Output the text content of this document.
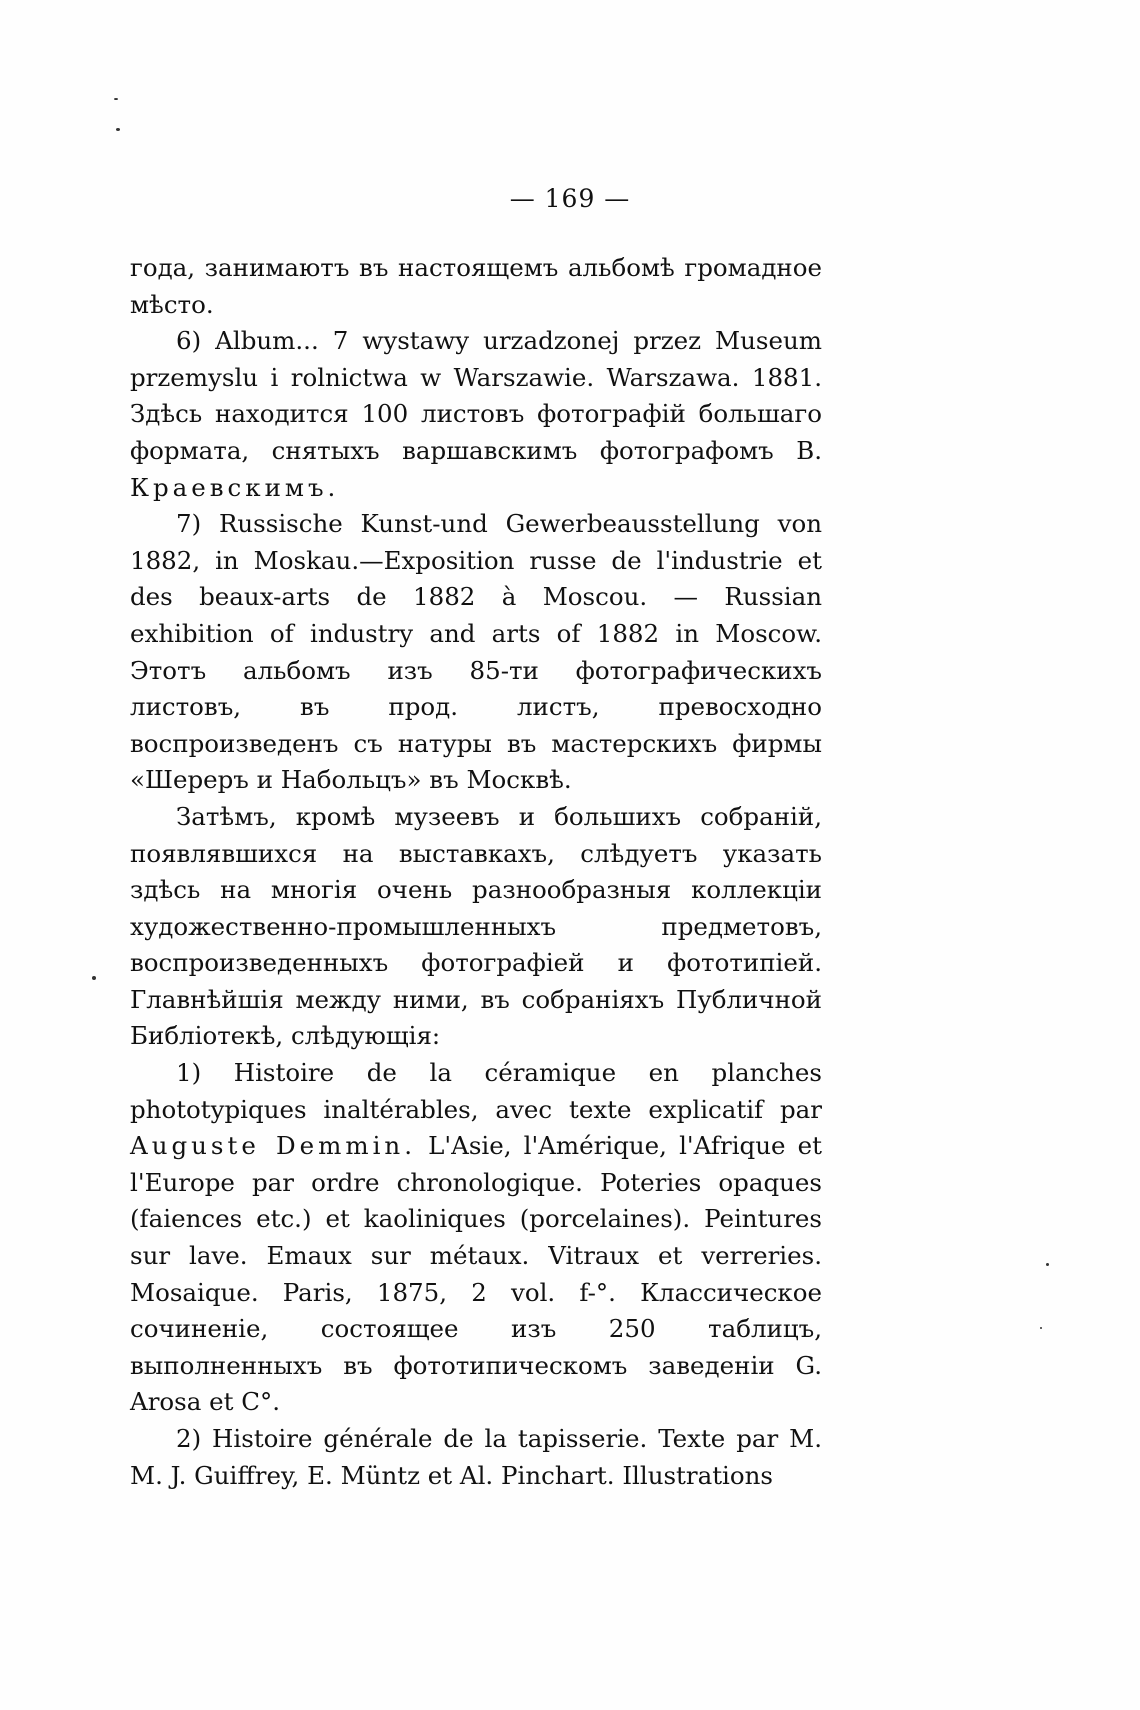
— 169 —

года, занимаютъ въ настоящемъ альбомѣ громадное мѣсто.

6) Album... 7 wystawy urzadzonej przez Museum przemyslu i rolnictwa w Warszawie. Warszawa. 1881. Здѣсь находится 100 листовъ фотографій большаго формата, снятыхъ варшавскимъ фотографомъ В. Краевскимъ.

7) Russische Kunst-und Gewerbeausstellung von 1882, in Moskau.—Exposition russe de l'industrie et des beaux-arts de 1882 à Moscou. — Russian exhibition of industry and arts of 1882 in Moscow. Этотъ альбомъ изъ 85-ти фотографическихъ листовъ, въ прод. листъ, превосходно воспроизведенъ съ натуры въ мастерскихъ фирмы «Шереръ и Набольцъ» въ Москвѣ.

Затѣмъ, кромѣ музеевъ и большихъ собраній, появлявшихся на выставкахъ, слѣдуетъ указать здѣсь на многія очень разнообразныя коллекціи художественно-промышленныхъ предметовъ, воспроизведенныхъ фотографіей и фототипіей. Главнѣйшія между ними, въ собраніяхъ Публичной Библіотекѣ, слѣдующія:

1) Histoire de la céramique en planches phototypiques inaltérables, avec texte explicatif par Auguste Demmin. L'Asie, l'Amérique, l'Afrique et l'Europe par ordre chronologique. Poteries opaques (faiences etc.) et kaoliniques (porcelaines). Peintures sur lave. Emaux sur métaux. Vitraux et verreries. Mosaique. Paris, 1875, 2 vol. f-°. Классическое сочиненіе, состоящее изъ 250 таблицъ, выполненныхъ въ фототипическомъ заведеніи G. Arosa et C°.

2) Histoire générale de la tapisserie. Texte par M. M. J. Guiffrey, E. Müntz et Al. Pinchart. Illustrations
